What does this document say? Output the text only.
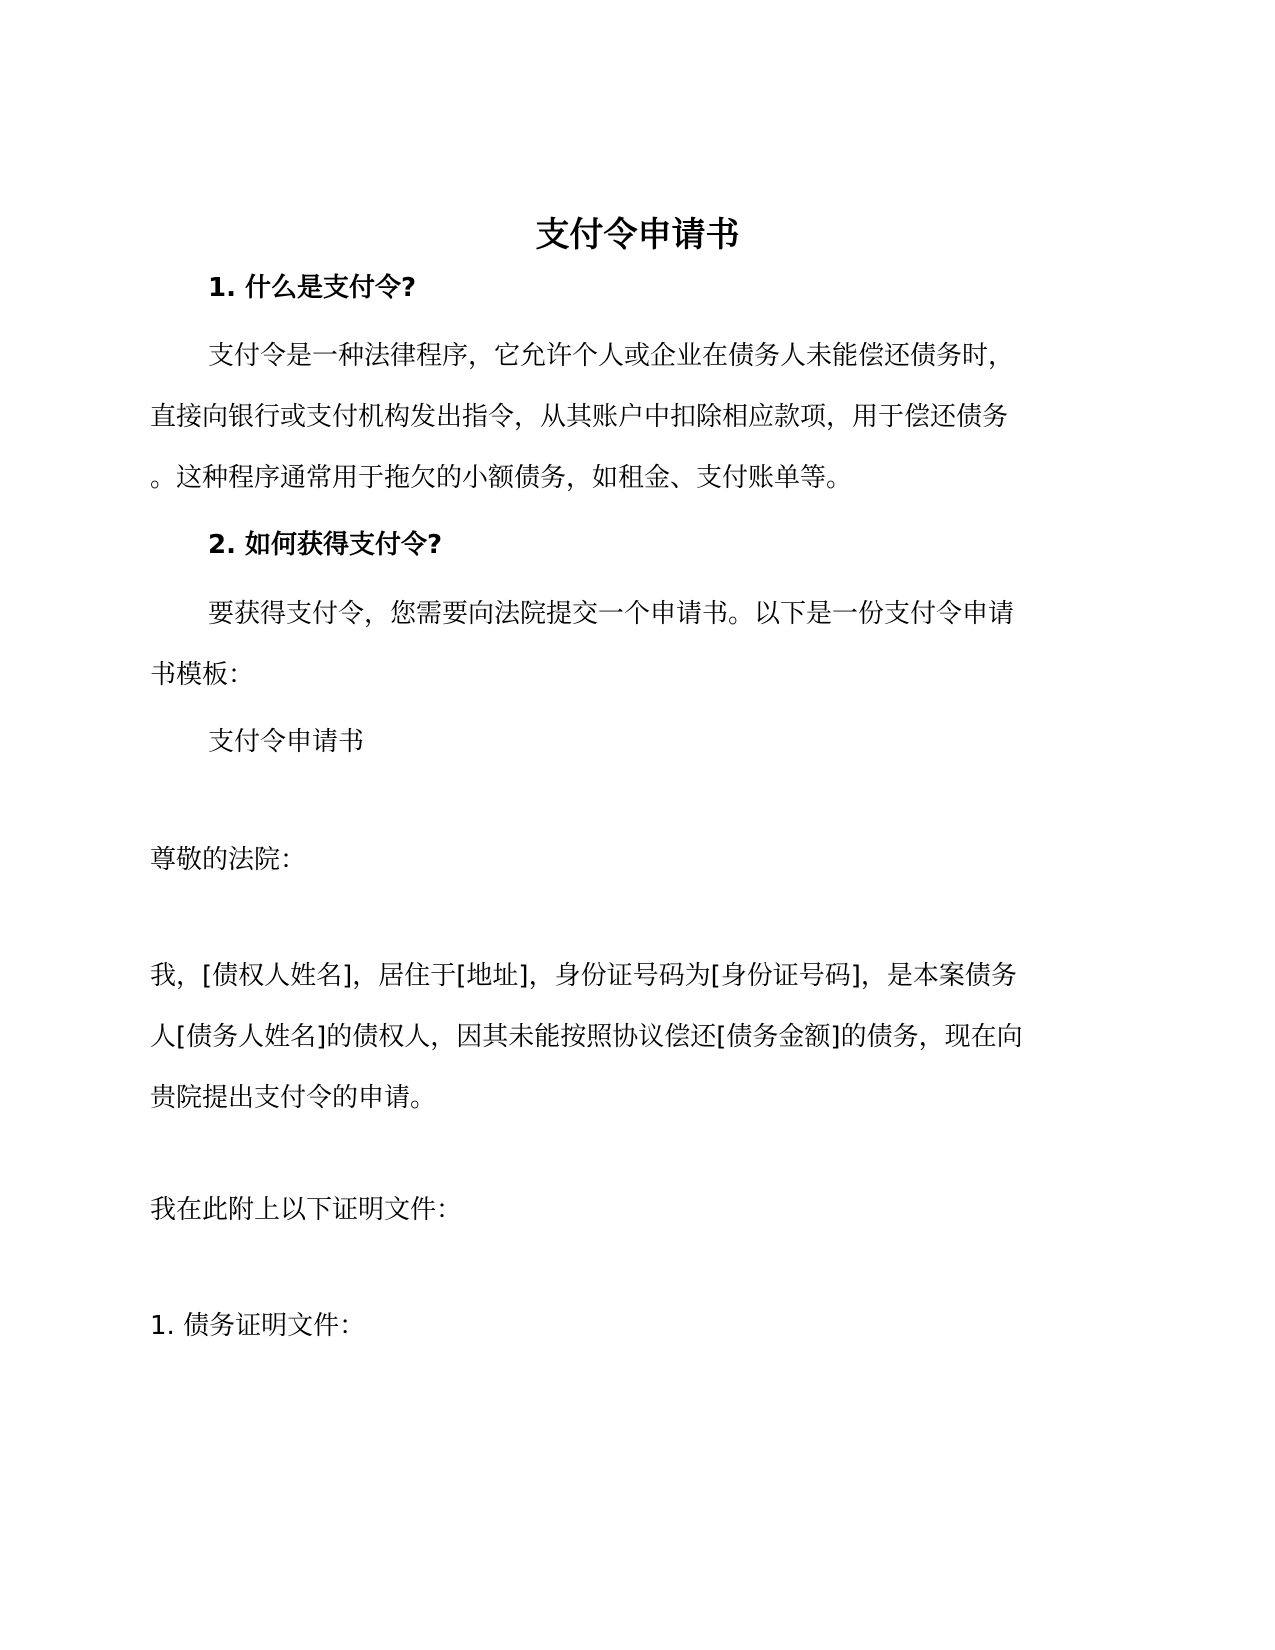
支付令申请书
1. 什么是支付令?
支付令是一种法律程序，它允许个人或企业在债务人未能偿还债务时，
直接向银行或支付机构发出指令，从其账户中扣除相应款项，用于偿还债务
。这种程序通常用于拖欠的小额债务，如租金、支付账单等。
2. 如何获得支付令?
要获得支付令，您需要向法院提交一个申请书。以下是一份支付令申请
书模板：
支付令申请书
尊敬的法院：
我，[债权人姓名]，居住于[地址]，身份证号码为[身份证号码]，是本案债务
人[债务人姓名]的债权人，因其未能按照协议偿还[债务金额]的债务，现在向
贵院提出支付令的申请。
我在此附上以下证明文件：
1. 债务证明文件：
